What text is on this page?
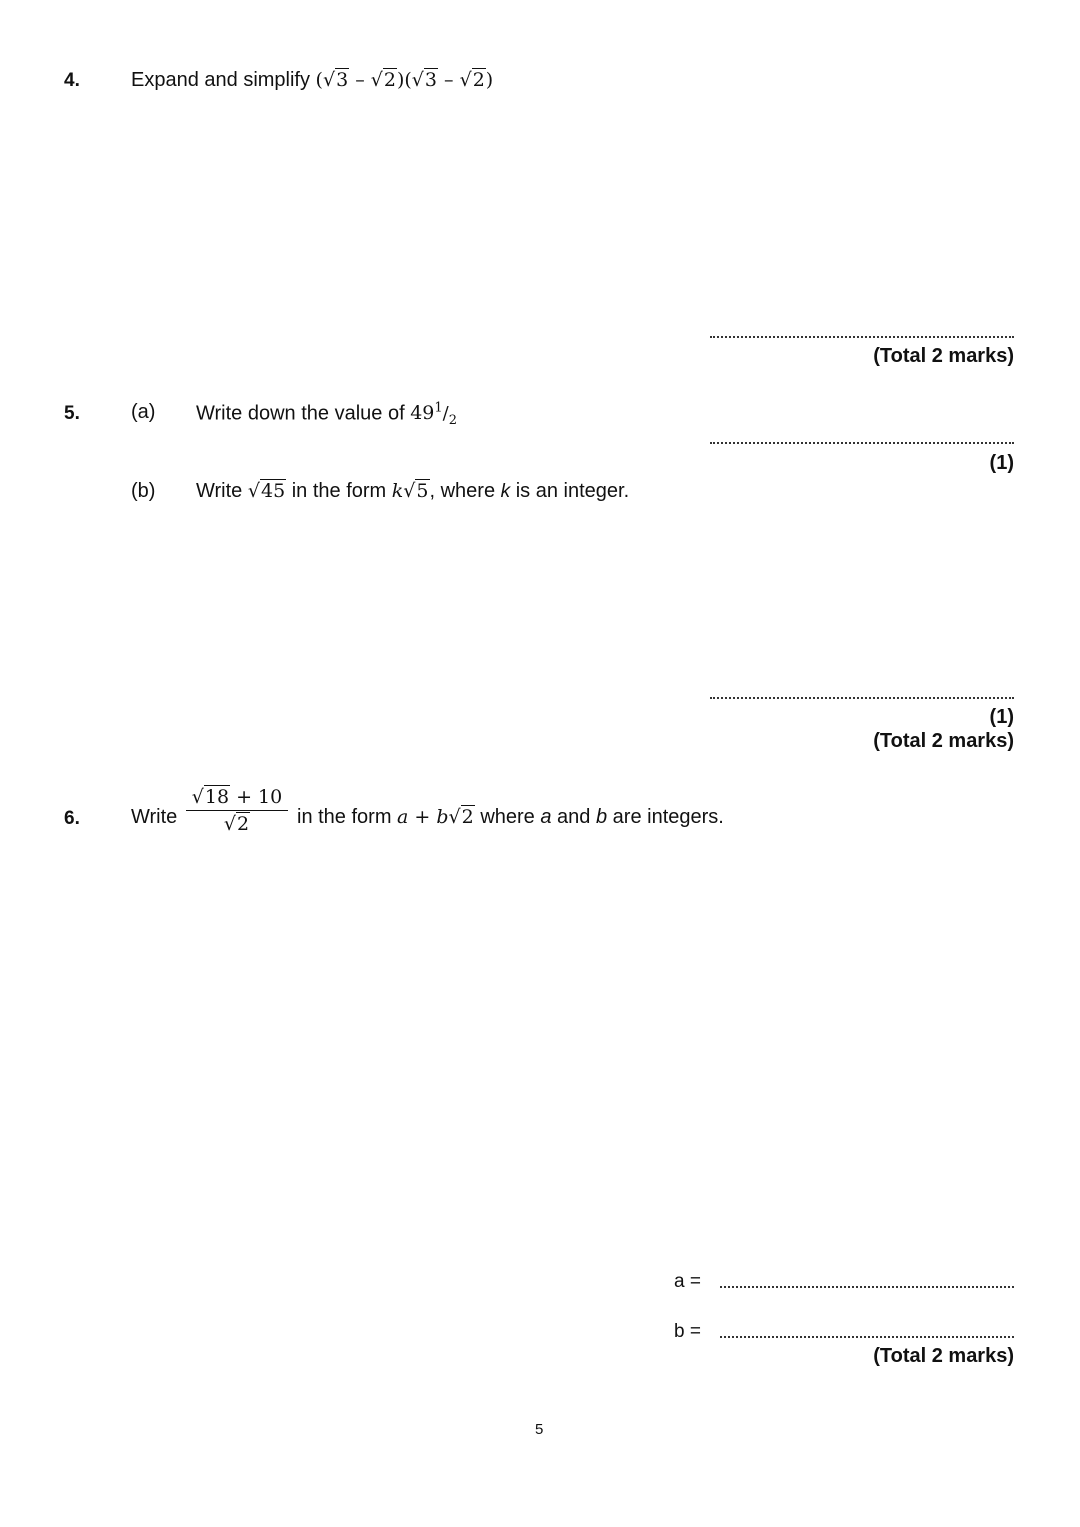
4.	Expand and simplify (√3 – √2)(√3 – √2)
(Total 2 marks)
5.	(a) Write down the value of $49^1/_2$
(1)
(b) Write √45 in the form k√5, where k is an integer.
(1)
(Total 2 marks)
6.	Write
√18 + 10
√2	in the form a + b√2 where a and b are integers.
a =
b =
(Total 2 marks)
5
